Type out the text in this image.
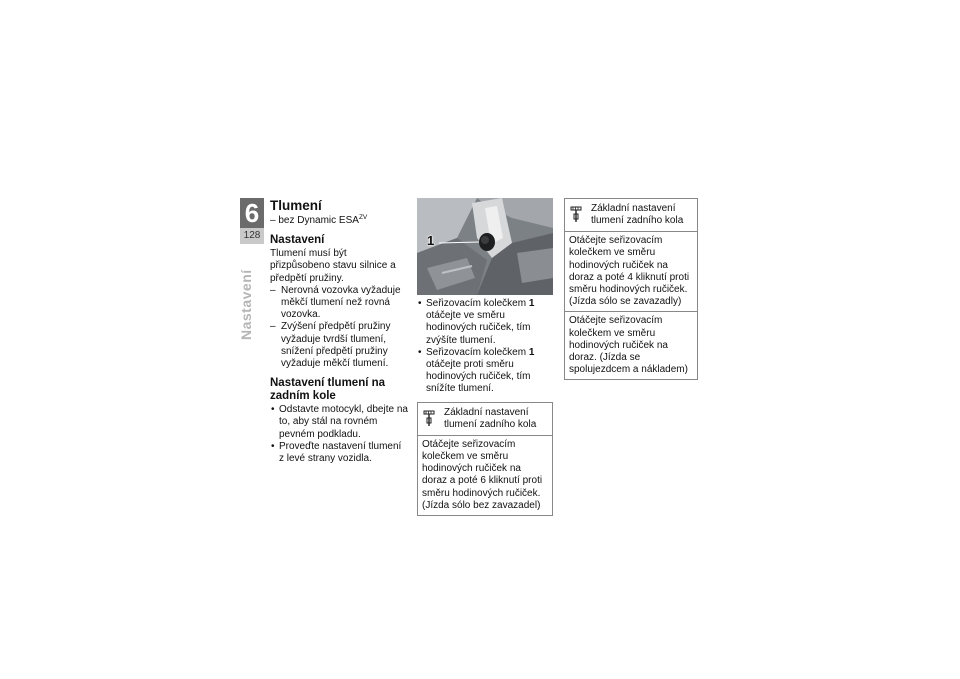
6
128
Nastavení
Tlumení
– bez Dynamic $ESA^{ZV}$
Nastavení

Tlumení musí být přizpůsobeno stavu silnice a předpětí pružiny.

– Nerovná vozovka vyžaduje měkčí tlumení než rovná vozovka.
– Zvýšení předpětí pružiny vyžaduje tvrdší tlumení, snížení předpětí pružiny vyžaduje měkčí tlumení.
Nastavení tlumení na zadním kole
• Odstavte motocykl, dbejte na to, aby stál na rovném pevném podkladu.
• Proveďte nastavení tlumení z levé strany vozidla.
1
• Seřizovacím kolečkem 1 otáčejte ve směru hodinových ručiček, tím zvýšíte tlumení.
• Seřizovacím kolečkem 1 otáčejte proti směru hodinových ručiček, tím snížíte tlumení.
Základní nastavení tlumení zadního kola
Otáčejte seřizovacím kolečkem ve směru hodinových ručiček na doraz a poté 6 kliknutí proti směru hodinových ručiček. (Jízda sólo bez zavazadel)
Základní nastavení tlumení zadního kola
Otáčejte seřizovacím kolečkem ve směru hodinových ručiček na doraz a poté 4 kliknutí proti směru hodinových ručiček. (Jízda sólo se zavazadly)
Otáčejte seřizovacím kolečkem ve směru hodinových ručiček na doraz. (Jízda se spolujezdcem a nákladem)
